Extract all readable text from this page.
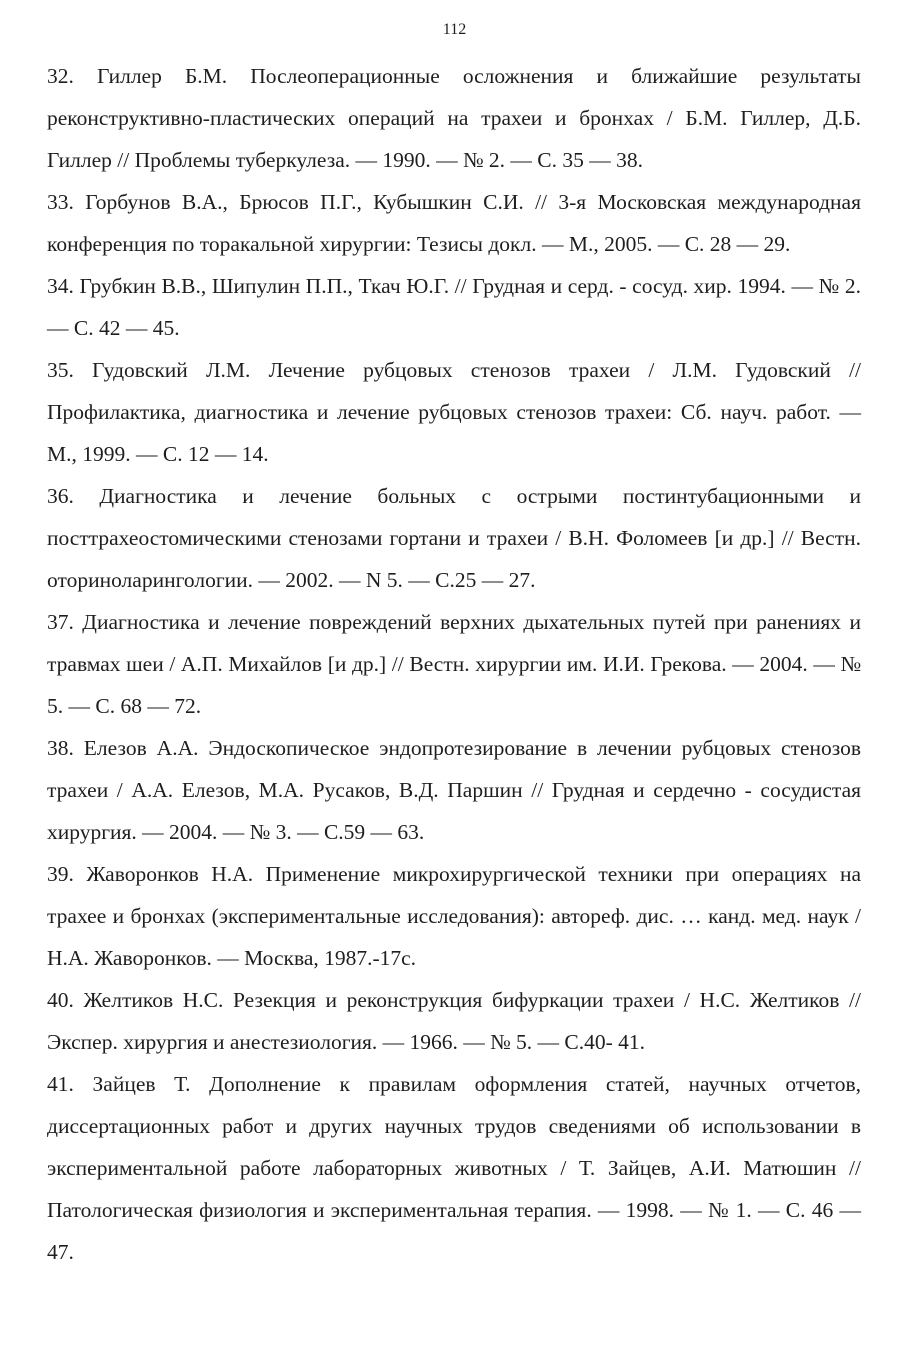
112
32. Гиллер Б.М. Послеоперационные осложнения и ближайшие результаты реконструктивно-пластических операций на трахеи и бронхах / Б.М. Гиллер, Д.Б. Гиллер // Проблемы туберкулеза. — 1990. — № 2. — С. 35 — 38.
33. Горбунов В.А., Брюсов П.Г., Кубышкин С.И. // 3-я Московская международная конференция по торакальной хирургии: Тезисы докл. — М., 2005. — С. 28 — 29.
34. Грубкин В.В., Шипулин П.П., Ткач Ю.Г. // Грудная и серд. - сосуд. хир. 1994. — № 2. — С. 42 — 45.
35. Гудовский Л.М. Лечение рубцовых стенозов трахеи / Л.М. Гудовский // Профилактика, диагностика и лечение рубцовых стенозов трахеи: Сб. науч. работ. — М., 1999. — С. 12 — 14.
36. Диагностика и лечение больных с острыми постинтубационными и посттрахеостомическими стенозами гортани и трахеи / В.Н. Фоломеев [и др.] // Вестн. оториноларингологии. — 2002. — N 5. — С.25 — 27.
37. Диагностика и лечение повреждений верхних дыхательных путей при ранениях и травмах шеи / А.П. Михайлов [и др.] // Вестн. хирургии им. И.И. Грекова. — 2004. — № 5. — С. 68 — 72.
38. Елезов А.А. Эндоскопическое эндопротезирование в лечении рубцовых стенозов трахеи / А.А. Елезов, М.А. Русаков, В.Д. Паршин // Грудная и сердечно - сосудистая хирургия. — 2004. — № 3. — С.59 — 63.
39. Жаворонков Н.А. Применение микрохирургической техники при операциях на трахее и бронхах (экспериментальные исследования): автореф. дис. … канд. мед. наук / Н.А. Жаворонков. — Москва, 1987.-17с.
40. Желтиков Н.С. Резекция и реконструкция бифуркации трахеи / Н.С. Желтиков // Экспер. хирургия и анестезиология. — 1966. — № 5. — С.40- 41.
41. Зайцев Т. Дополнение к правилам оформления статей, научных отчетов, диссертационных работ и других научных трудов сведениями об использовании в экспериментальной работе лабораторных животных / Т. Зайцев, А.И. Матюшин // Патологическая физиология и экспериментальная терапия. — 1998. — № 1. — С. 46 — 47.
